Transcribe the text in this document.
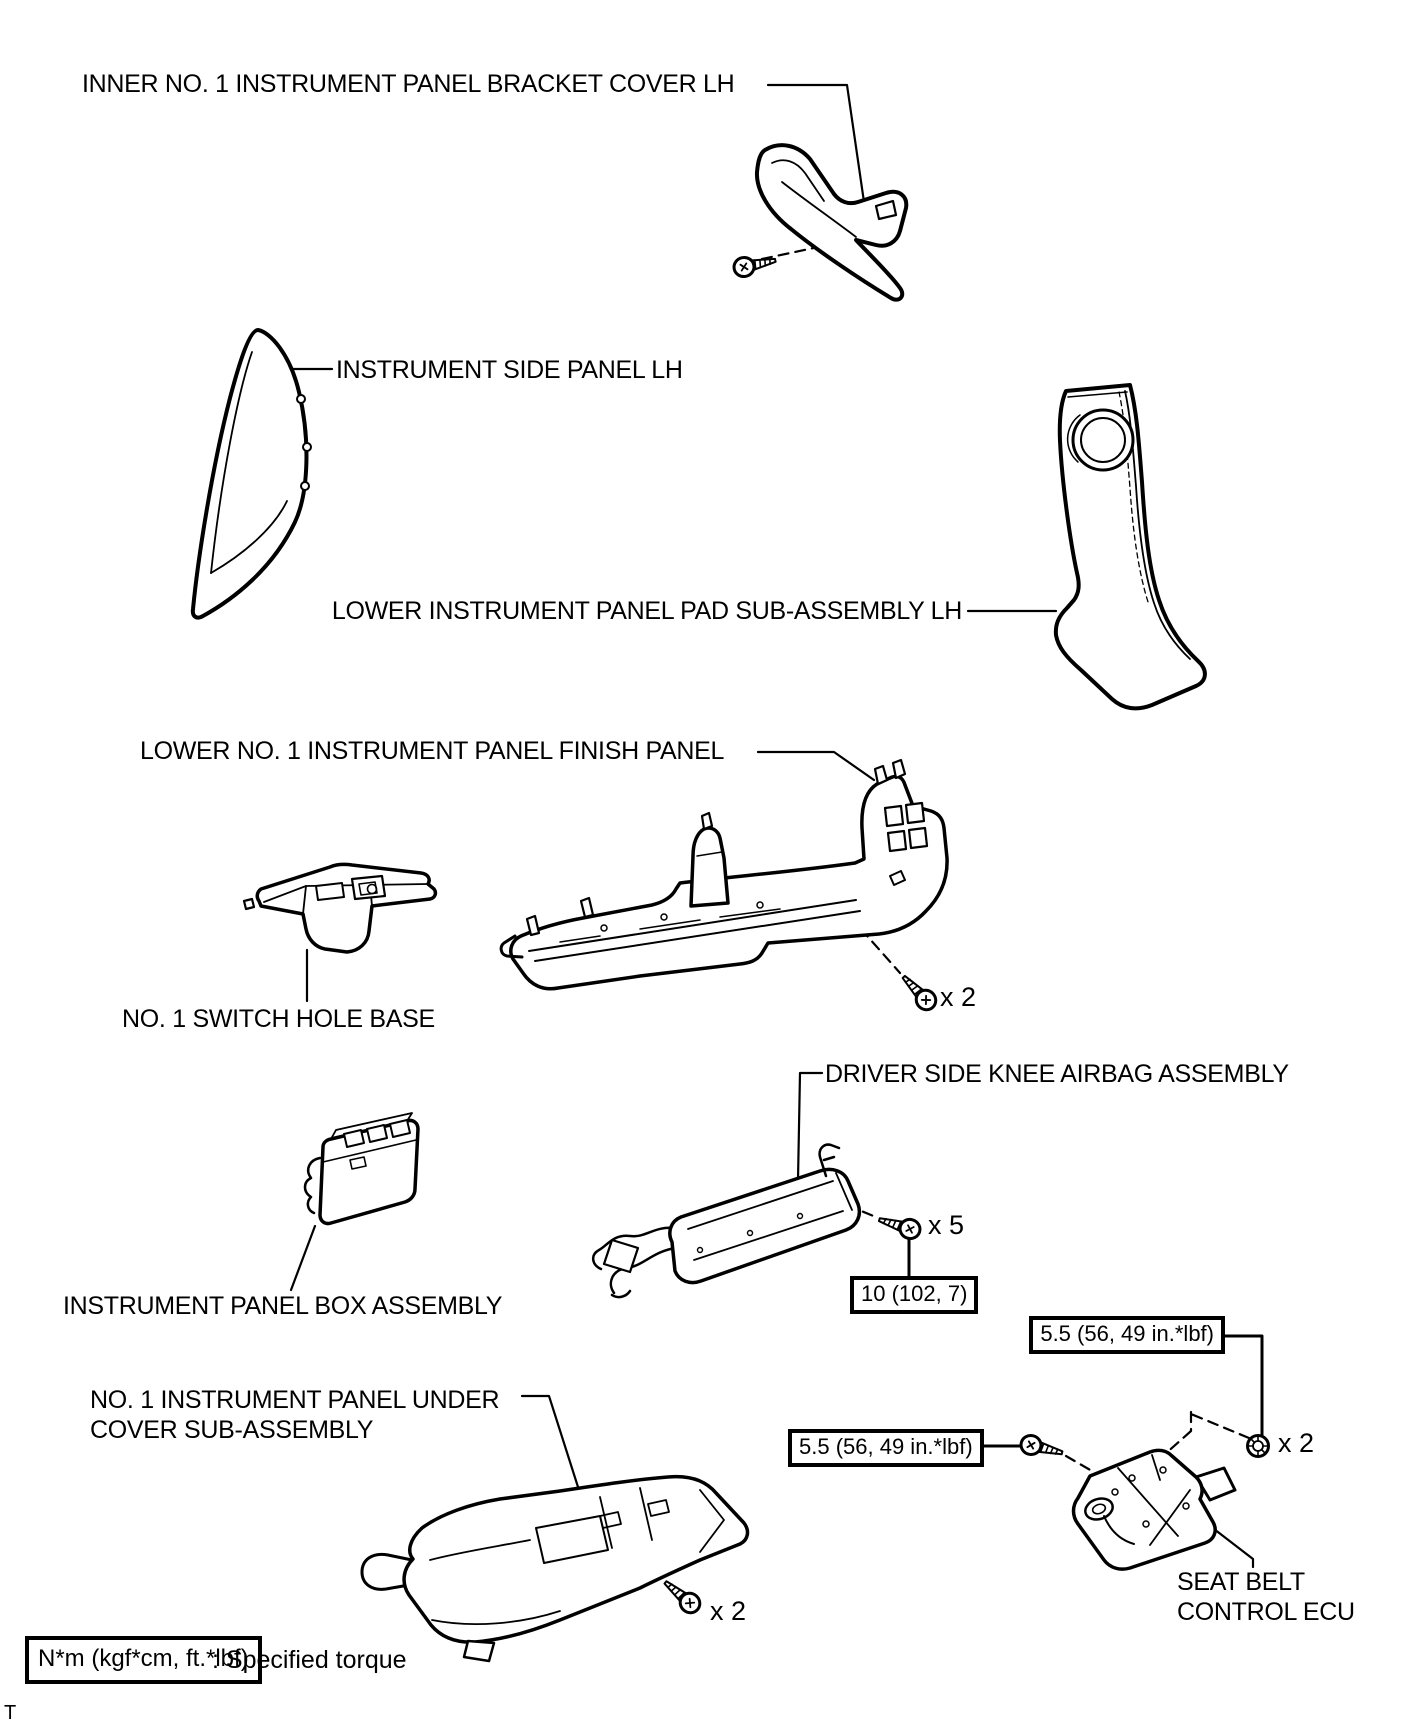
INNER NO. 1 INSTRUMENT PANEL BRACKET COVER LH
INSTRUMENT SIDE PANEL LH
LOWER INSTRUMENT PANEL PAD SUB-ASSEMBLY LH
LOWER NO. 1 INSTRUMENT PANEL FINISH PANEL
NO. 1 SWITCH HOLE BASE
DRIVER SIDE KNEE AIRBAG ASSEMBLY
INSTRUMENT PANEL BOX ASSEMBLY
NO. 1 INSTRUMENT PANEL UNDER
COVER SUB-ASSEMBLY
SEAT BELT
CONTROL ECU
x 2
x 5
x 2
x 2
10 (102, 7)
5.5 (56, 49 in.*lbf)
5.5 (56, 49 in.*lbf)
N*m (kgf*cm, ft.*lbf)
: Specified torque
T
